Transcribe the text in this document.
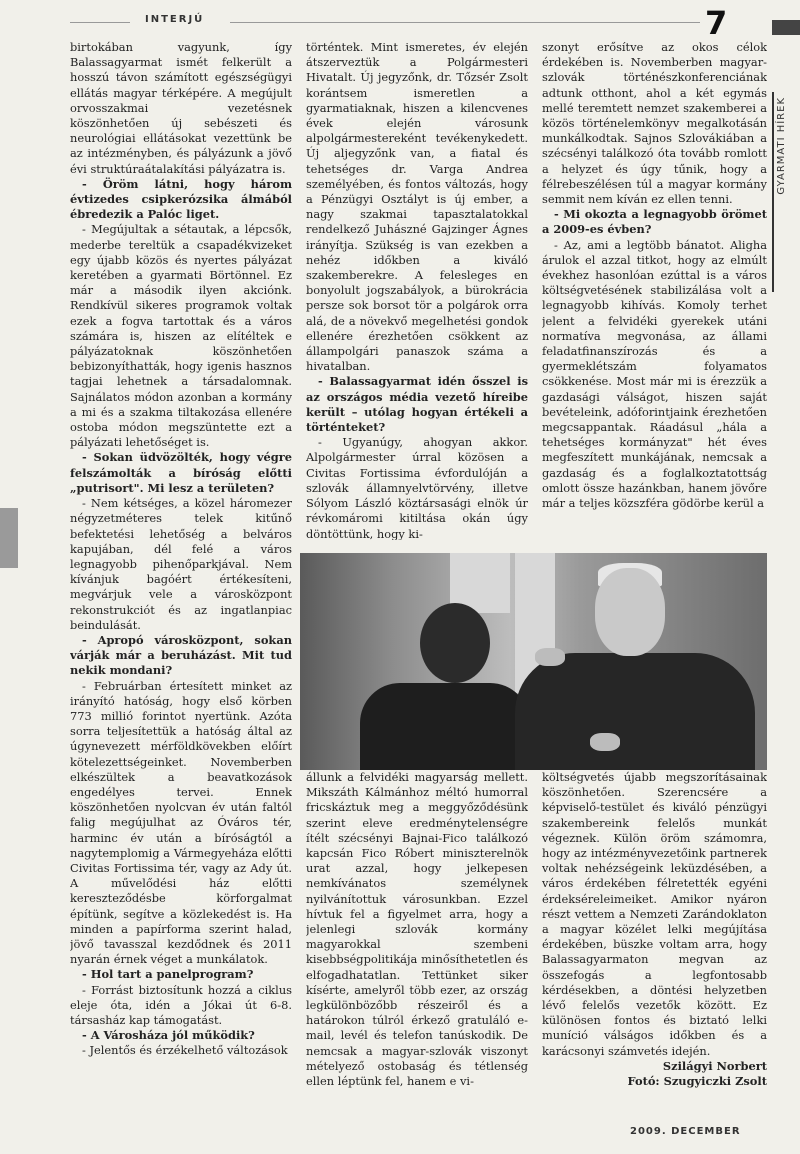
INTERJÚ	7
GYARMATI HÍREK

birtokában vagyunk, így Balassagyarmat ismét felkerült a hosszú távon számított egészségügyi ellátás magyar térképére. A megújult orvosszakmai vezetésnek köszönhetően új sebészeti és neurológiai ellátásokat vezettünk be az intézményben, és pályázunk a jövő évi struktúraátalakítási pályázatra is.

- Öröm látni, hogy három évtizedes csipkerózsika álmából ébredezik a Palóc liget.

- Megújultak a sétautak, a lépcsők, mederbe tereltük a csapadékvizeket egy újabb közös és nyertes pályázat keretében a gyarmati Börtönnel. Ez már a második ilyen akciónk. Rendkívül sikeres programok voltak ezek a fogva tartottak és a város számára is, hiszen az elítéltek e pályázatoknak köszönhetően bebizonyíthatták, hogy igenis hasznos tagjai lehetnek a társadalomnak. Sajnálatos módon azonban a kormány a mi és a szakma tiltakozása ellenére ostoba módon megszüntette ezt a pályázati lehetőséget is.

- Sokan üdvözölték, hogy végre felszámolták a bíróság előtti „putrisort". Mi lesz a területen?

- Nem kétséges, a közel háromezer négyzetméteres telek kitűnő befektetési lehetőség a belváros kapujában, dél felé a város legnagyobb pihenőparkjával. Nem kívánjuk bagóért értékesíteni, megvárjuk vele a városközpont rekonstrukciót és az ingatlanpiac beindulását.

- Apropó városközpont, sokan várják már a beruházást. Mit tud nekik mondani?

- Februárban értesített minket az irányító hatóság, hogy első körben 773 millió forintot nyertünk. Azóta sorra teljesítettük a hatóság által az úgynevezett mérföldkövekben előírt kötelezettségeinket. Novemberben elkészültek a beavatkozások engedélyes tervei. Ennek köszönhetően nyolcvan év után faltól falig megújulhat az Óváros tér, harminc év után a bíróságtól a nagytemplomig a Vármegyeháza előtti Civitas Fortissima tér, vagy az Ady út. A művelődési ház előtti kereszteződésbe körforgalmat építünk, segítve a közlekedést is. Ha minden a papírforma szerint halad, jövő tavasszal kezdődnek és 2011 nyarán érnek véget a munkálatok.

- Hol tart a panelprogram?

- Forrást biztosítunk hozzá a ciklus eleje óta, idén a Jókai út 6-8. társasház kap támogatást.

- A Városháza jól működik?

- Jelentős és érzékelhető változások

történtek. Mint ismeretes, év elején átszerveztük a Polgármesteri Hivatalt. Új jegyzőnk, dr. Tőzsér Zsolt korántsem ismeretlen a gyarmatiaknak, hiszen a kilencvenes évek elején városunk alpolgármestereként tevékenykedett. Új aljegyzőnk van, a fiatal és tehetséges dr. Varga Andrea személyében, és fontos változás, hogy a Pénzügyi Osztályt is új ember, a nagy szakmai tapasztalatokkal rendelkező Juhászné Gajzinger Ágnes irányítja. Szükség is van ezekben a nehéz időkben a kiváló szakemberekre. A felesleges en bonyolult jogszabályok, a bürokrácia persze sok borsot tör a polgárok orra alá, de a növekvő megelhetési gondok ellenére érezhetően csökkent az állampolgári panaszok száma a hivatalban.

- Balassagyarmat idén ősszel is az országos média vezető híreibe került – utólag hogyan értékeli a történteket?

- Ugyanúgy, ahogyan akkor. Alpolgármester úrral közösen a Civitas Fortissima évfordulóján a szlovák államnyelvtörvény, illetve Sólyom László köztársasági elnök úr révkomáromi kitiltása okán úgy döntöttünk, hogy ki-

szonyt erősítve az okos célok érdekében is. Novemberben magyar-szlovák történészkonferenciának adtunk otthont, ahol a két egymás mellé teremtett nemzet szakemberei a közös történelemkönyv megalkotásán munkálkodtak. Sajnos Szlovákiában a szécsényi találkozó óta tovább romlott a helyzet és úgy tűnik, hogy a félrebeszélésen túl a magyar kormány semmit nem kíván ez ellen tenni.

- Mi okozta a legnagyobb örömet a 2009-es évben?

- Az, ami a legtöbb bánatot. Aligha árulok el azzal titkot, hogy az elmúlt évekhez hasonlóan ezúttal is a város költségvetésének stabilizálása volt a legnagyobb kihívás. Komoly terhet jelent a felvidéki gyerekek utáni normatíva megvonása, az állami feladatfinanszírozás és a gyermeklétszám folyamatos csökkenése. Most már mi is érezzük a gazdasági válságot, hiszen saját bevételeink, adóforintjaink érezhetően megcsappantak. Ráadásul „hála a tehetséges kormányzat" hét éves megfeszített munkájának, nemcsak a gazdaság és a foglalkoztatottság omlott össze hazánkban, hanem jövőre már a teljes közszféra gödörbe kerül a

állunk a felvidéki magyarság mellett. Mikszáth Kálmánhoz méltó humorral fricskáztuk meg a meggyőződésünk szerint eleve eredménytelenségre ítélt szécsényi Bajnai-Fico találkozó kapcsán Fico Róbert miniszterelnök urat azzal, hogy jelkepesen nemkívánatos személynek nyilvánítottuk városunkban. Ezzel hívtuk fel a figyelmet arra, hogy a jelenlegi szlovák kormány magyarokkal szembeni kisebbségpolitikája minősíthetetlen és elfogadhatatlan. Tettünket siker kísérte, amelyről több ezer, az ország legkülönbözőbb részeiről és a határokon túlról érkező gratuláló e-mail, levél és telefon tanúskodik. De nemcsak a magyar-szlovák viszonyt mételyező ostobaság és tétlenség ellen léptünk fel, hanem e vi-

költségvetés újabb megszorításainak köszönhetően. Szerencsére a képviselő-testület és kiváló pénzügyi szakembereink felelős munkát végeznek. Külön öröm számomra, hogy az intézményvezetőink partnerek voltak nehézségeink leküzdésében, a város érdekében félretették egyéni érdekséreleimeiket. Amikor nyáron részt vettem a Nemzeti Zarándoklaton a magyar közélet lelki megújítása érdekében, büszke voltam arra, hogy Balassagyarmaton megvan az összefogás a legfontosabb kérdésekben, a döntési helyzetben lévő felelős vezetők között. Ez különösen fontos és biztató lelki muníció válságos időkben és a karácsonyi számvetés idején.

Szilágyi Norbert

Fotó: Szugyiczki Zsolt

2009. DECEMBER
